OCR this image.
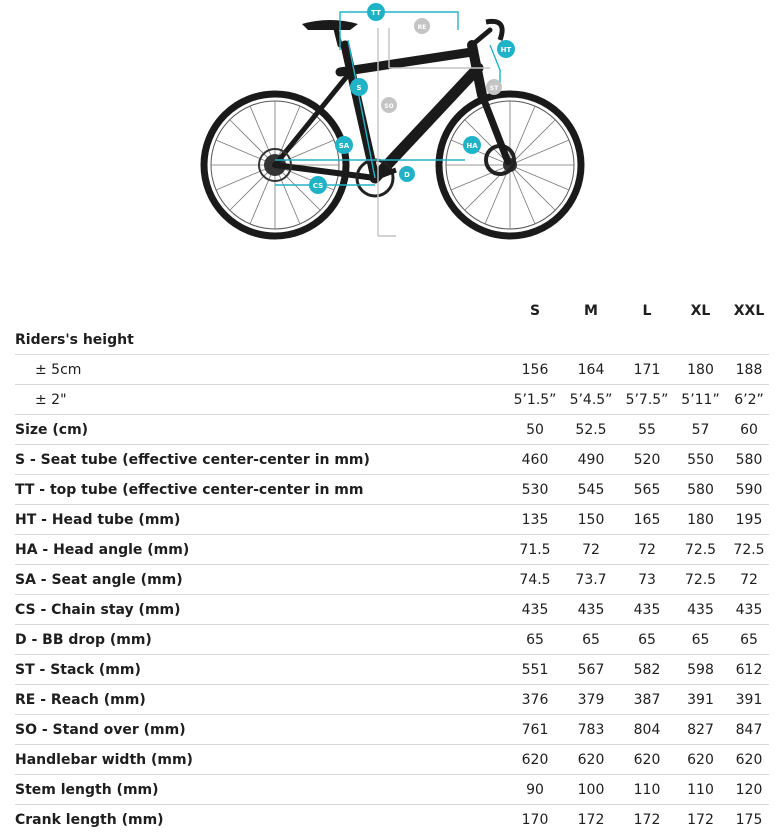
TT
RE
HT
S	ST
SO
SA	HA
D
CS
	S	M	L	XL	XXL
Riders's height					
± 5cm	156	164	171	180	188
± 2"	5’1.5”	5’4.5”	5’7.5”	5’11”	6’2”
Size (cm)	50	52.5	55	57	60
S - Seat tube (effective center-center in mm)	460	490	520	550	580
TT - top tube (effective center-center in mm	530	545	565	580	590
HT - Head tube (mm)	135	150	165	180	195
HA - Head angle (mm)	71.5	72	72	72.5	72.5
SA - Seat angle (mm)	74.5	73.7	73	72.5	72
CS - Chain stay (mm)	435	435	435	435	435
D - BB drop (mm)	65	65	65	65	65
ST - Stack (mm)	551	567	582	598	612
RE - Reach (mm)	376	379	387	391	391
SO - Stand over (mm)	761	783	804	827	847
Handlebar width (mm)	620	620	620	620	620
Stem length (mm)	90	100	110	110	120
Crank length (mm)	170	172	172	172	175
